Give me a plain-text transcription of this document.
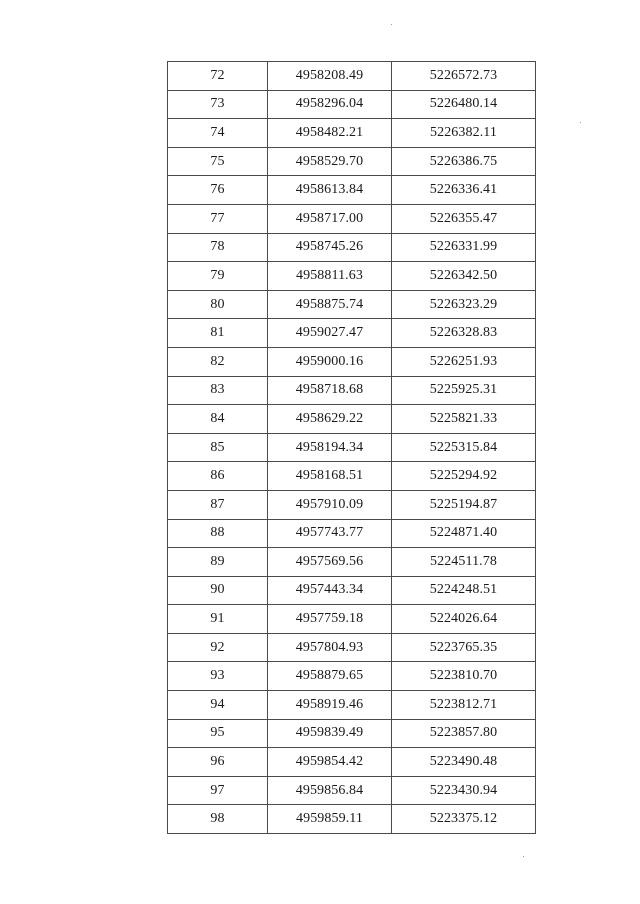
72	4958208.49	5226572.73
73	4958296.04	5226480.14
74	4958482.21	5226382.11
75	4958529.70	5226386.75
76	4958613.84	5226336.41
77	4958717.00	5226355.47
78	4958745.26	5226331.99
79	4958811.63	5226342.50
80	4958875.74	5226323.29
81	4959027.47	5226328.83
82	4959000.16	5226251.93
83	4958718.68	5225925.31
84	4958629.22	5225821.33
85	4958194.34	5225315.84
86	4958168.51	5225294.92
87	4957910.09	5225194.87
88	4957743.77	5224871.40
89	4957569.56	5224511.78
90	4957443.34	5224248.51
91	4957759.18	5224026.64
92	4957804.93	5223765.35
93	4958879.65	5223810.70
94	4958919.46	5223812.71
95	4959839.49	5223857.80
96	4959854.42	5223490.48
97	4959856.84	5223430.94
98	4959859.11	5223375.12
